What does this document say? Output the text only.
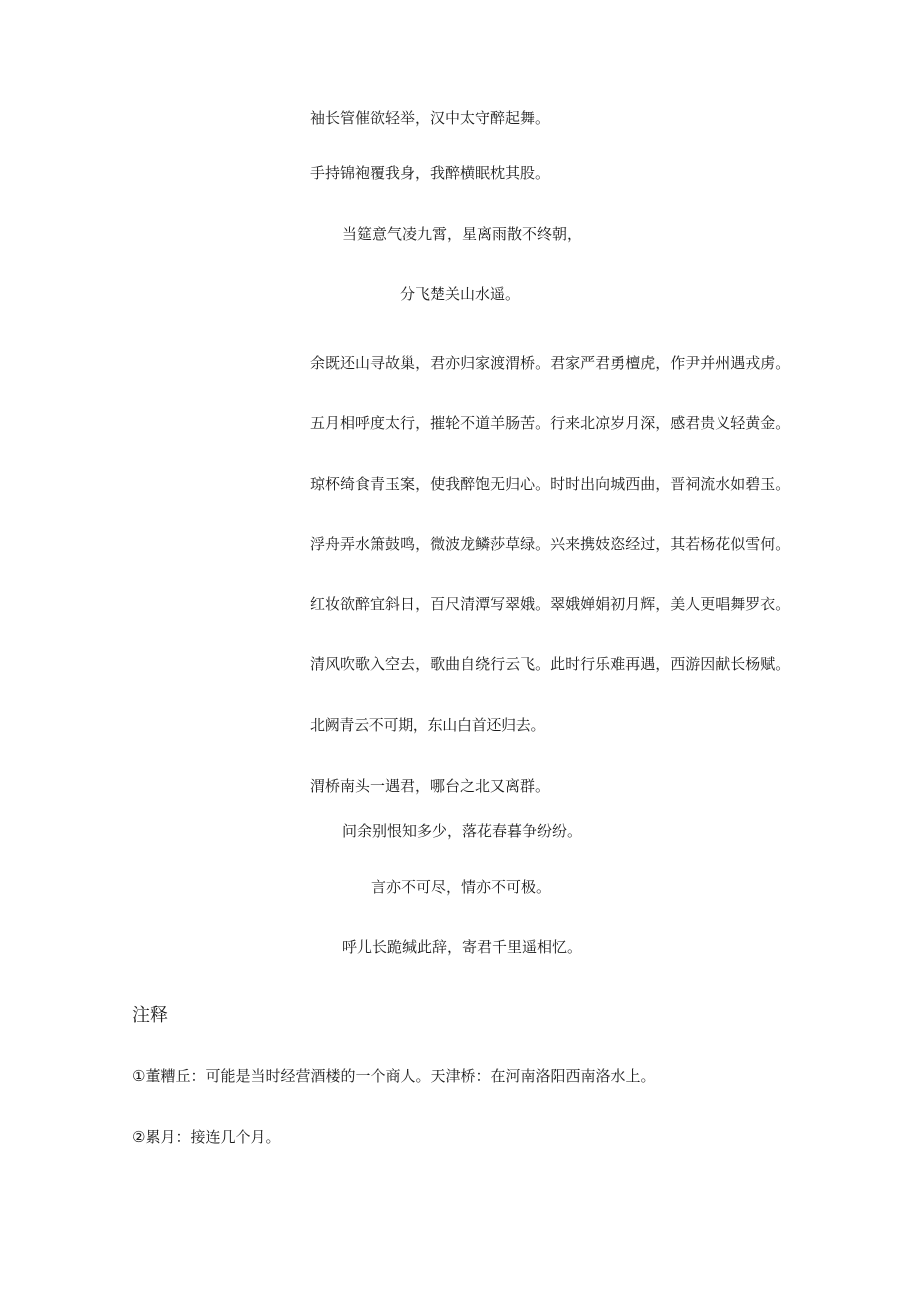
袖长管催欲轻举，汉中太守醉起舞。

手持锦袍覆我身，我醉横眠枕其股。

当筵意气凌九霄，星离雨散不终朝，

分飞楚关山水遥。

余既还山寻故巢，君亦归家渡渭桥。君家严君勇檀虎，作尹并州遇戎虏。五月相呼度太行，摧轮不道羊肠苦。行来北凉岁月深，感君贵义轻黄金。琼杯绮食青玉案，使我醉饱无归心。时时出向城西曲，晋祠流水如碧玉。浮舟弄水箫鼓鸣，微波龙鳞莎草绿。兴来携妓恣经过，其若杨花似雪何。红妆欲醉宜斜日，百尺清潭写翠娥。翠娥婵娟初月辉，美人更唱舞罗衣。清风吹歌入空去，歌曲自绕行云飞。此时行乐难再遇，西游因献长杨赋。北阙青云不可期，东山白首还归去。

渭桥南头一遇君，哪台之北又离群。

问余别恨知多少，落花春暮争纷纷。

言亦不可尽，情亦不可极。

呼儿长跪缄此辞，寄君千里遥相忆。

注释

①董糟丘：可能是当时经营酒楼的一个商人。天津桥：在河南洛阳西南洛水上。

②累月：接连几个月。
